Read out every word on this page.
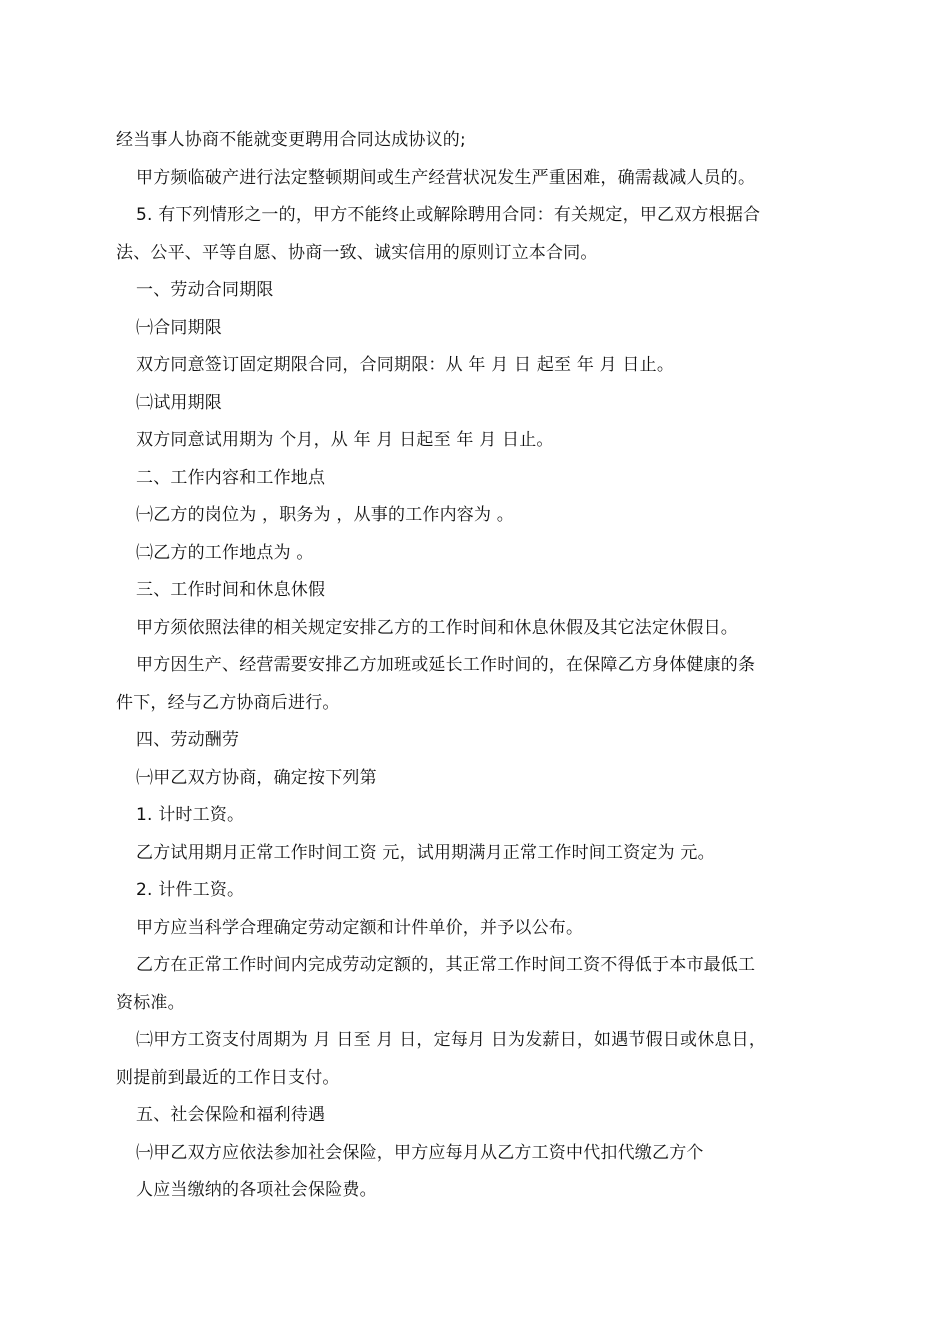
经当事人协商不能就变更聘用合同达成协议的;
甲方频临破产进行法定整顿期间或生产经营状况发生严重困难，确需裁减人员的。
5. 有下列情形之一的，甲方不能终止或解除聘用合同：有关规定，甲乙双方根据合
法、公平、平等自愿、协商一致、诚实信用的原则订立本合同。
一、劳动合同期限
㈠合同期限
双方同意签订固定期限合同，合同期限：从 年 月 日 起至 年 月 日止。
㈡试用期限
双方同意试用期为 个月，从 年 月 日起至 年 月 日止。
二、工作内容和工作地点
㈠乙方的岗位为 ，职务为 ，从事的工作内容为 。
㈡乙方的工作地点为 。
三、工作时间和休息休假
甲方须依照法律的相关规定安排乙方的工作时间和休息休假及其它法定休假日。
甲方因生产、经营需要安排乙方加班或延长工作时间的，在保障乙方身体健康的条
件下，经与乙方协商后进行。
四、劳动酬劳
㈠甲乙双方协商，确定按下列第
1. 计时工资。
乙方试用期月正常工作时间工资 元，试用期满月正常工作时间工资定为 元。
2. 计件工资。
甲方应当科学合理确定劳动定额和计件单价，并予以公布。
乙方在正常工作时间内完成劳动定额的，其正常工作时间工资不得低于本市最低工
资标准。
㈡甲方工资支付周期为 月 日至 月 日，定每月 日为发薪日，如遇节假日或休息日，
则提前到最近的工作日支付。
五、社会保险和福利待遇
㈠甲乙双方应依法参加社会保险，甲方应每月从乙方工资中代扣代缴乙方个
人应当缴纳的各项社会保险费。
